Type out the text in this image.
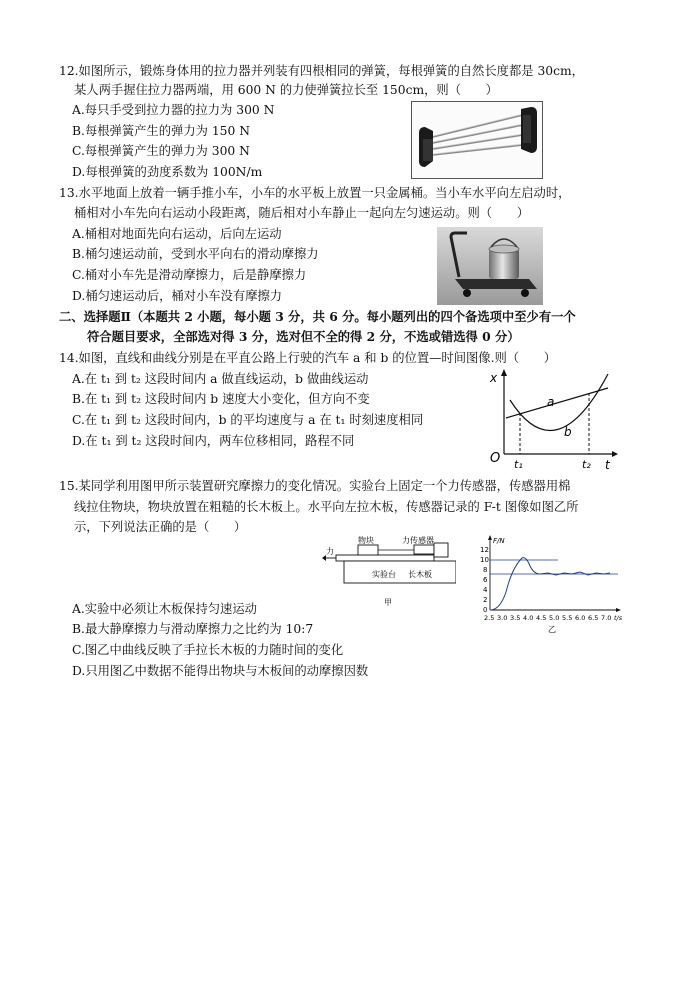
12.如图所示，锻炼身体用的拉力器并列装有四根相同的弹簧，每根弹簧的自然长度都是 30cm，
某人两手握住拉力器两端，用 600 N 的力使弹簧拉长至 150cm，则（　　）
A.每只手受到拉力器的拉力为 300 N
B.每根弹簧产生的弹力为 150 N
C.每根弹簧产生的弹力为 300 N
D.每根弹簧的劲度系数为 100N/m
13.水平地面上放着一辆手推小车，小车的水平板上放置一只金属桶。当小车水平向左启动时，
桶相对小车先向右运动小段距离，随后相对小车静止一起向左匀速运动。则（　　）
A.桶相对地面先向右运动，后向左运动
B.桶匀速运动前，受到水平向右的滑动摩擦力
C.桶对小车先是滑动摩擦力，后是静摩擦力
D.桶匀速运动后，桶对小车没有摩擦力
二、选择题Ⅱ（本题共 2 小题，每小题 3 分，共 6 分。每小题列出的四个备选项中至少有一个
符合题目要求，全部选对得 3 分，选对但不全的得 2 分，不选或错选得 0 分）
14.如图，直线和曲线分别是在平直公路上行驶的汽车 a 和 b 的位置—时间图像.则（　　）
A.在 t₁ 到 t₂ 这段时间内 a 做直线运动，b 做曲线运动
B.在 t₁ 到 t₂ 这段时间内 b 速度大小变化，但方向不变
C.在 t₁ 到 t₂ 这段时间内，b 的平均速度与 a 在 t₁ 时刻速度相同
D.在 t₁ 到 t₂ 这段时间内，两车位移相同，路程不同
x
t
O
a
b
t₁	t₂
15.某同学利用图甲所示装置研究摩擦力的变化情况。实验台上固定一个力传感器，传感器用棉
线拉住物块，物块放置在粗糙的长木板上。水平向左拉木板，传感器记录的 F-t 图像如图乙所
示，下列说法正确的是（　　）
A.实验中必须让木板保持匀速运动
B.最大静摩擦力与滑动摩擦力之比约为 10:7
C.图乙中曲线反映了手拉长木板的力随时间的变化
D.只用图乙中数据不能得出物块与木板间的动摩擦因数
力
物块	力传感器
实验台 长木板
甲
F/N
12
10
8
6
4
2
0
2.5 3.0 3.5 4.0 4.5 5.0 5.5 6.0 6.5 7.0 t/s
乙
